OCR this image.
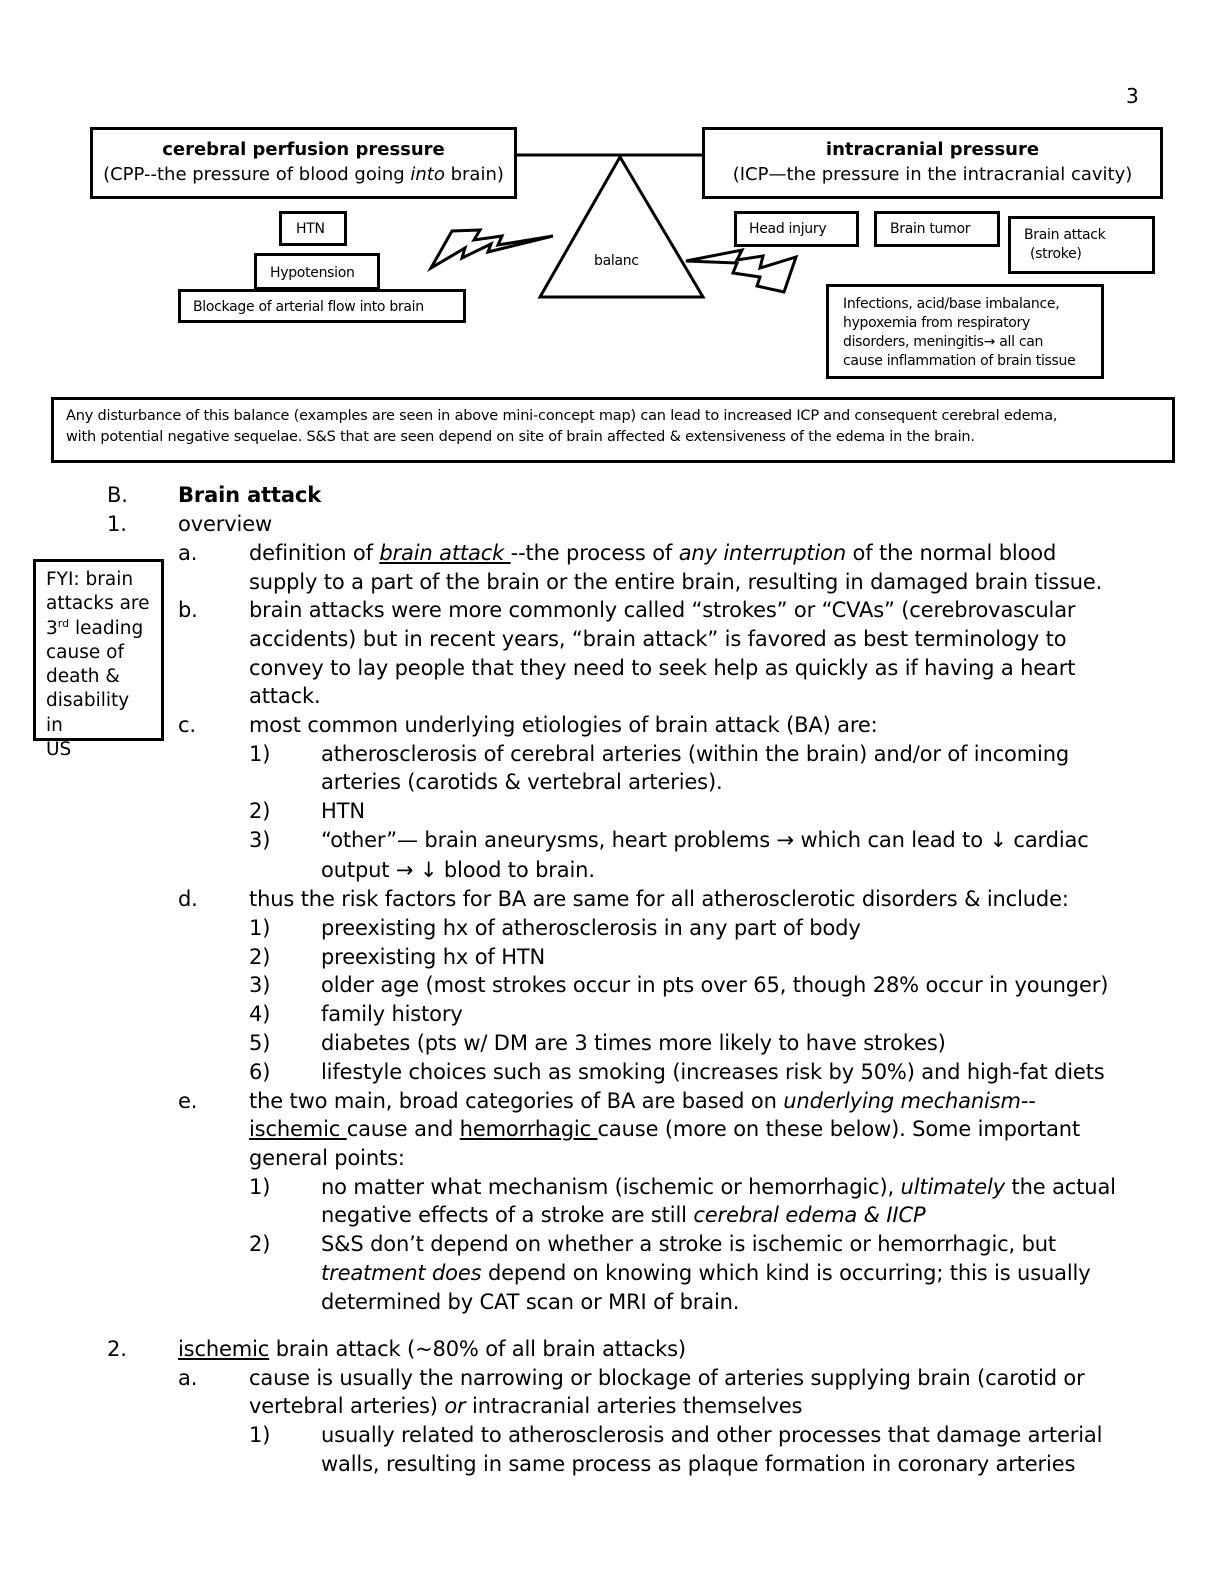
3
cerebral perfusion pressure
(CPP--the pressure of blood going into brain)
intracranial pressure
(ICP—the pressure in the intracranial cavity)
balanc
HTN
Hypotension
Blockage of arterial flow into brain
Head injury	Brain tumor	Brain attack
(stroke)
Infections, acid/base imbalance,
hypoxemia from respiratory
disorders, meningitis→ all can
cause inflammation of brain tissue
Any disturbance of this balance (examples are seen in above mini-concept map) can lead to increased ICP and consequent cerebral edema,
with potential negative sequelae. S&S that are seen depend on site of brain affected & extensiveness of the edema in the brain.
FYI: brain
attacks are
3rd leading
cause of
death &
disability in
US
B. Brain attack
1. overview
a. definition of brain attack --the process of any interruption of the normal blood
supply to a part of the brain or the entire brain, resulting in damaged brain tissue.
b. brain attacks were more commonly called “strokes” or “CVAs” (cerebrovascular
accidents) but in recent years, “brain attack” is favored as best terminology to
convey to lay people that they need to seek help as quickly as if having a heart
attack.
c.	most common underlying etiologies of brain attack (BA) are:
1) atherosclerosis of cerebral arteries (within the brain) and/or of incoming
arteries (carotids & vertebral arteries).
2) HTN
3) “other”— brain aneurysms, heart problems → which can lead to ↓ cardiac
output → ↓ blood to brain.
d. thus the risk factors for BA are same for all atherosclerotic disorders & include:
1) preexisting hx of atherosclerosis in any part of body
2) preexisting hx of HTN
3) older age (most strokes occur in pts over 65, though 28% occur in younger)
4) family history
5) diabetes (pts w/ DM are 3 times more likely to have strokes)
6) lifestyle choices such as smoking (increases risk by 50%) and high-fat diets
e. the two main, broad categories of BA are based on underlying mechanism--
ischemic cause and hemorrhagic cause (more on these below). Some important
general points:
1) no matter what mechanism (ischemic or hemorrhagic), ultimately the actual
negative effects of a stroke are still cerebral edema & IICP
2) S&S don’t depend on whether a stroke is ischemic or hemorrhagic, but
treatment does depend on knowing which kind is occurring; this is usually
determined by CAT scan or MRI of brain.
2. ischemic brain attack (~80% of all brain attacks)
a. cause is usually the narrowing or blockage of arteries supplying brain (carotid or
vertebral arteries) or intracranial arteries themselves
1) usually related to atherosclerosis and other processes that damage arterial
walls, resulting in same process as plaque formation in coronary arteries
